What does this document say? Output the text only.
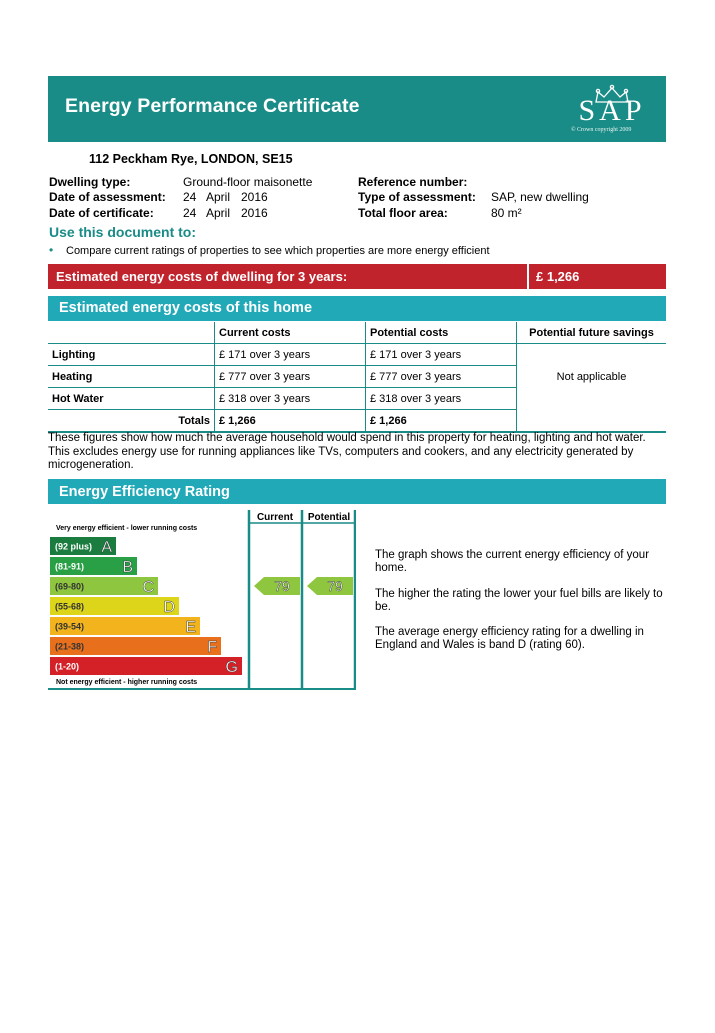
Energy Performance Certificate	SAP
© Crown copyright 2009
112 Peckham Rye, LONDON, SE15
Dwelling type:	Ground-floor maisonette
Date of assessment: 24 April 2016
Date of certificate: 24 April 2016
Reference number:
Type of assessment: SAP, new dwelling
Total floor area:	80 m²
Use this document to:
• Compare current ratings of properties to see which properties are more energy efficient
Estimated energy costs of dwelling for 3 years:	£ 1,266
Estimated energy costs of this home
	Current costs	Potential costs	Potential future savings
Lighting	£ 171 over 3 years	£ 171 over 3 years	Not applicable
Heating	£ 777 over 3 years	£ 777 over 3 years	
Hot Water	£ 318 over 3 years	£ 318 over 3 years	
Totals	£ 1,266	£ 1,266	
These figures show how much the average household would spend in this property for heating, lighting and hot water. This excludes energy use for running appliances like TVs, computers and cookers, and any electricity generated by microgeneration.
Energy Efficiency Rating
Current Potential
Very energy efficient - lower running costs
Not energy efficient - higher running costs
(92 plus) A
(81-91) B
(69-80)	C
(55-68)	D
(39-54)	E
(21-38)	F
(1-20)	G
79	79
The graph shows the current energy efficiency of your home.
The higher the rating the lower your fuel bills are likely to be.
The average energy efficiency rating for a dwelling in England and Wales is band D (rating 60).
